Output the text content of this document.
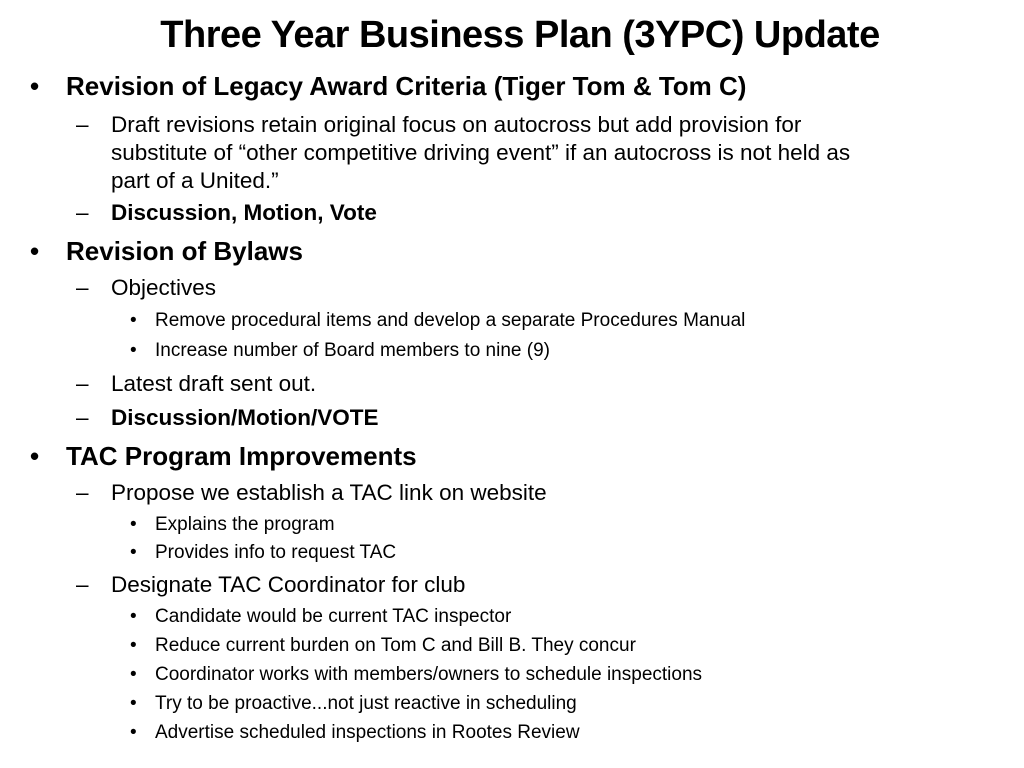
Three Year Business Plan (3YPC) Update
•	Revision of Legacy Award Criteria (Tiger Tom & Tom C)
– Draft revisions retain original focus on autocross but add provision for
substitute of “other competitive driving event” if an autocross is not held as
part of a United.”
– Discussion, Motion, Vote
•	Revision of Bylaws
– Objectives
• Remove procedural items and develop a separate Procedures Manual
• Increase number of Board members to nine (9)
– Latest draft sent out.
– Discussion/Motion/VOTE
•	TAC Program Improvements
– Propose we establish a TAC link on website
• Explains the program
• Provides info to request TAC
– Designate TAC Coordinator for club
• Candidate would be current TAC inspector
• Reduce current burden on Tom C and Bill B. They concur
• Coordinator works with members/owners to schedule inspections
• Try to be proactive...not just reactive in scheduling
• Advertise scheduled inspections in Rootes Review
